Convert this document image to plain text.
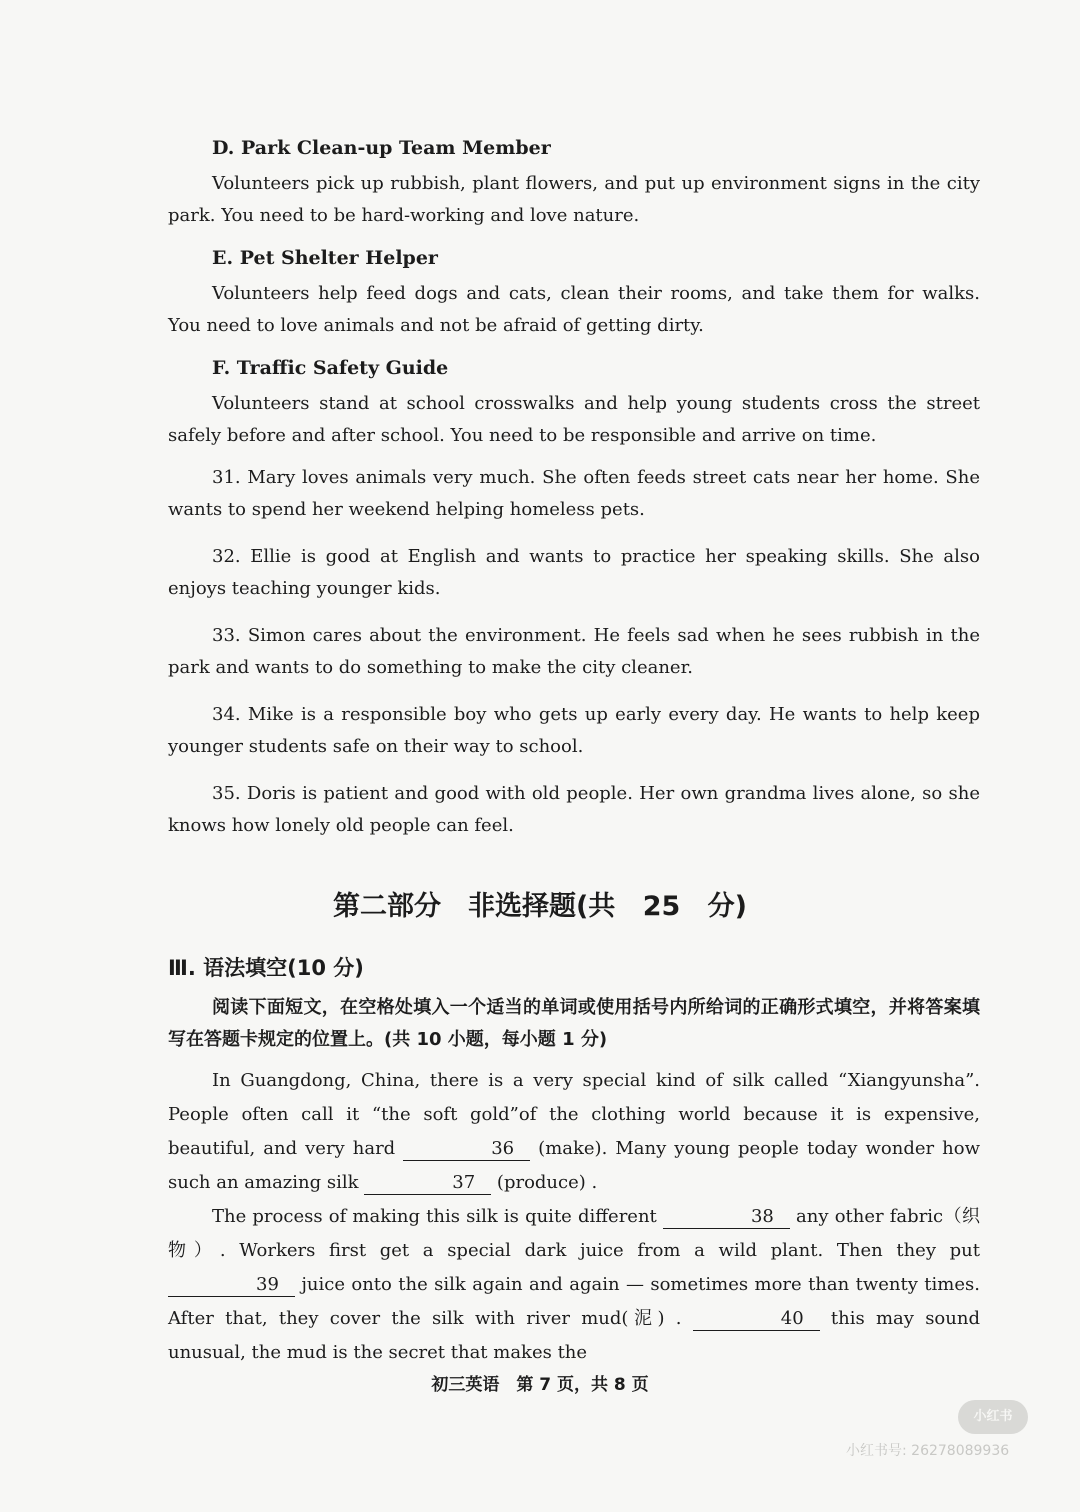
D. Park Clean-up Team Member

Volunteers pick up rubbish, plant flowers, and put up environment signs in the city park. You need to be hard-working and love nature.

E. Pet Shelter Helper

Volunteers help feed dogs and cats, clean their rooms, and take them for walks. You need to love animals and not be afraid of getting dirty.

F. Traffic Safety Guide

Volunteers stand at school crosswalks and help young students cross the street safely before and after school. You need to be responsible and arrive on time.

31. Mary loves animals very much. She often feeds street cats near her home. She wants to spend her weekend helping homeless pets.

32. Ellie is good at English and wants to practice her speaking skills. She also enjoys teaching younger kids.

33. Simon cares about the environment. He feels sad when he sees rubbish in the park and wants to do something to make the city cleaner.

34. Mike is a responsible boy who gets up early every day. He wants to help keep younger students safe on their way to school.

35. Doris is patient and good with old people. Her own grandma lives alone, so she knows how lonely old people can feel.

第二部分　非选择题(共 25 分)
Ⅲ. 语法填空(10 分)

阅读下面短文，在空格处填入一个适当的单词或使用括号内所给词的正确形式填空，并将答案填写在答题卡规定的位置上。(共 10 小题，每小题 1 分)

In Guangdong, China, there is a very special kind of silk called “Xiangyunsha”. People often call it “the soft gold”of the clothing world because it is expensive, beautiful, and very hard	36 (make). Many young people today wonder how such an amazing silk	37 (produce) .

The process of making this silk is quite different	38 any other fabric（织物）. Workers first get a special dark juice from a wild plant. Then they put 39 juice onto the silk again and again — sometimes more than twenty times. After that, they cover the silk with river mud(泥) .	40 this may sound unusual, the mud is the secret that makes the

初三英语　第 7 页，共 8 页
小红书
小红书号: 26278089936
